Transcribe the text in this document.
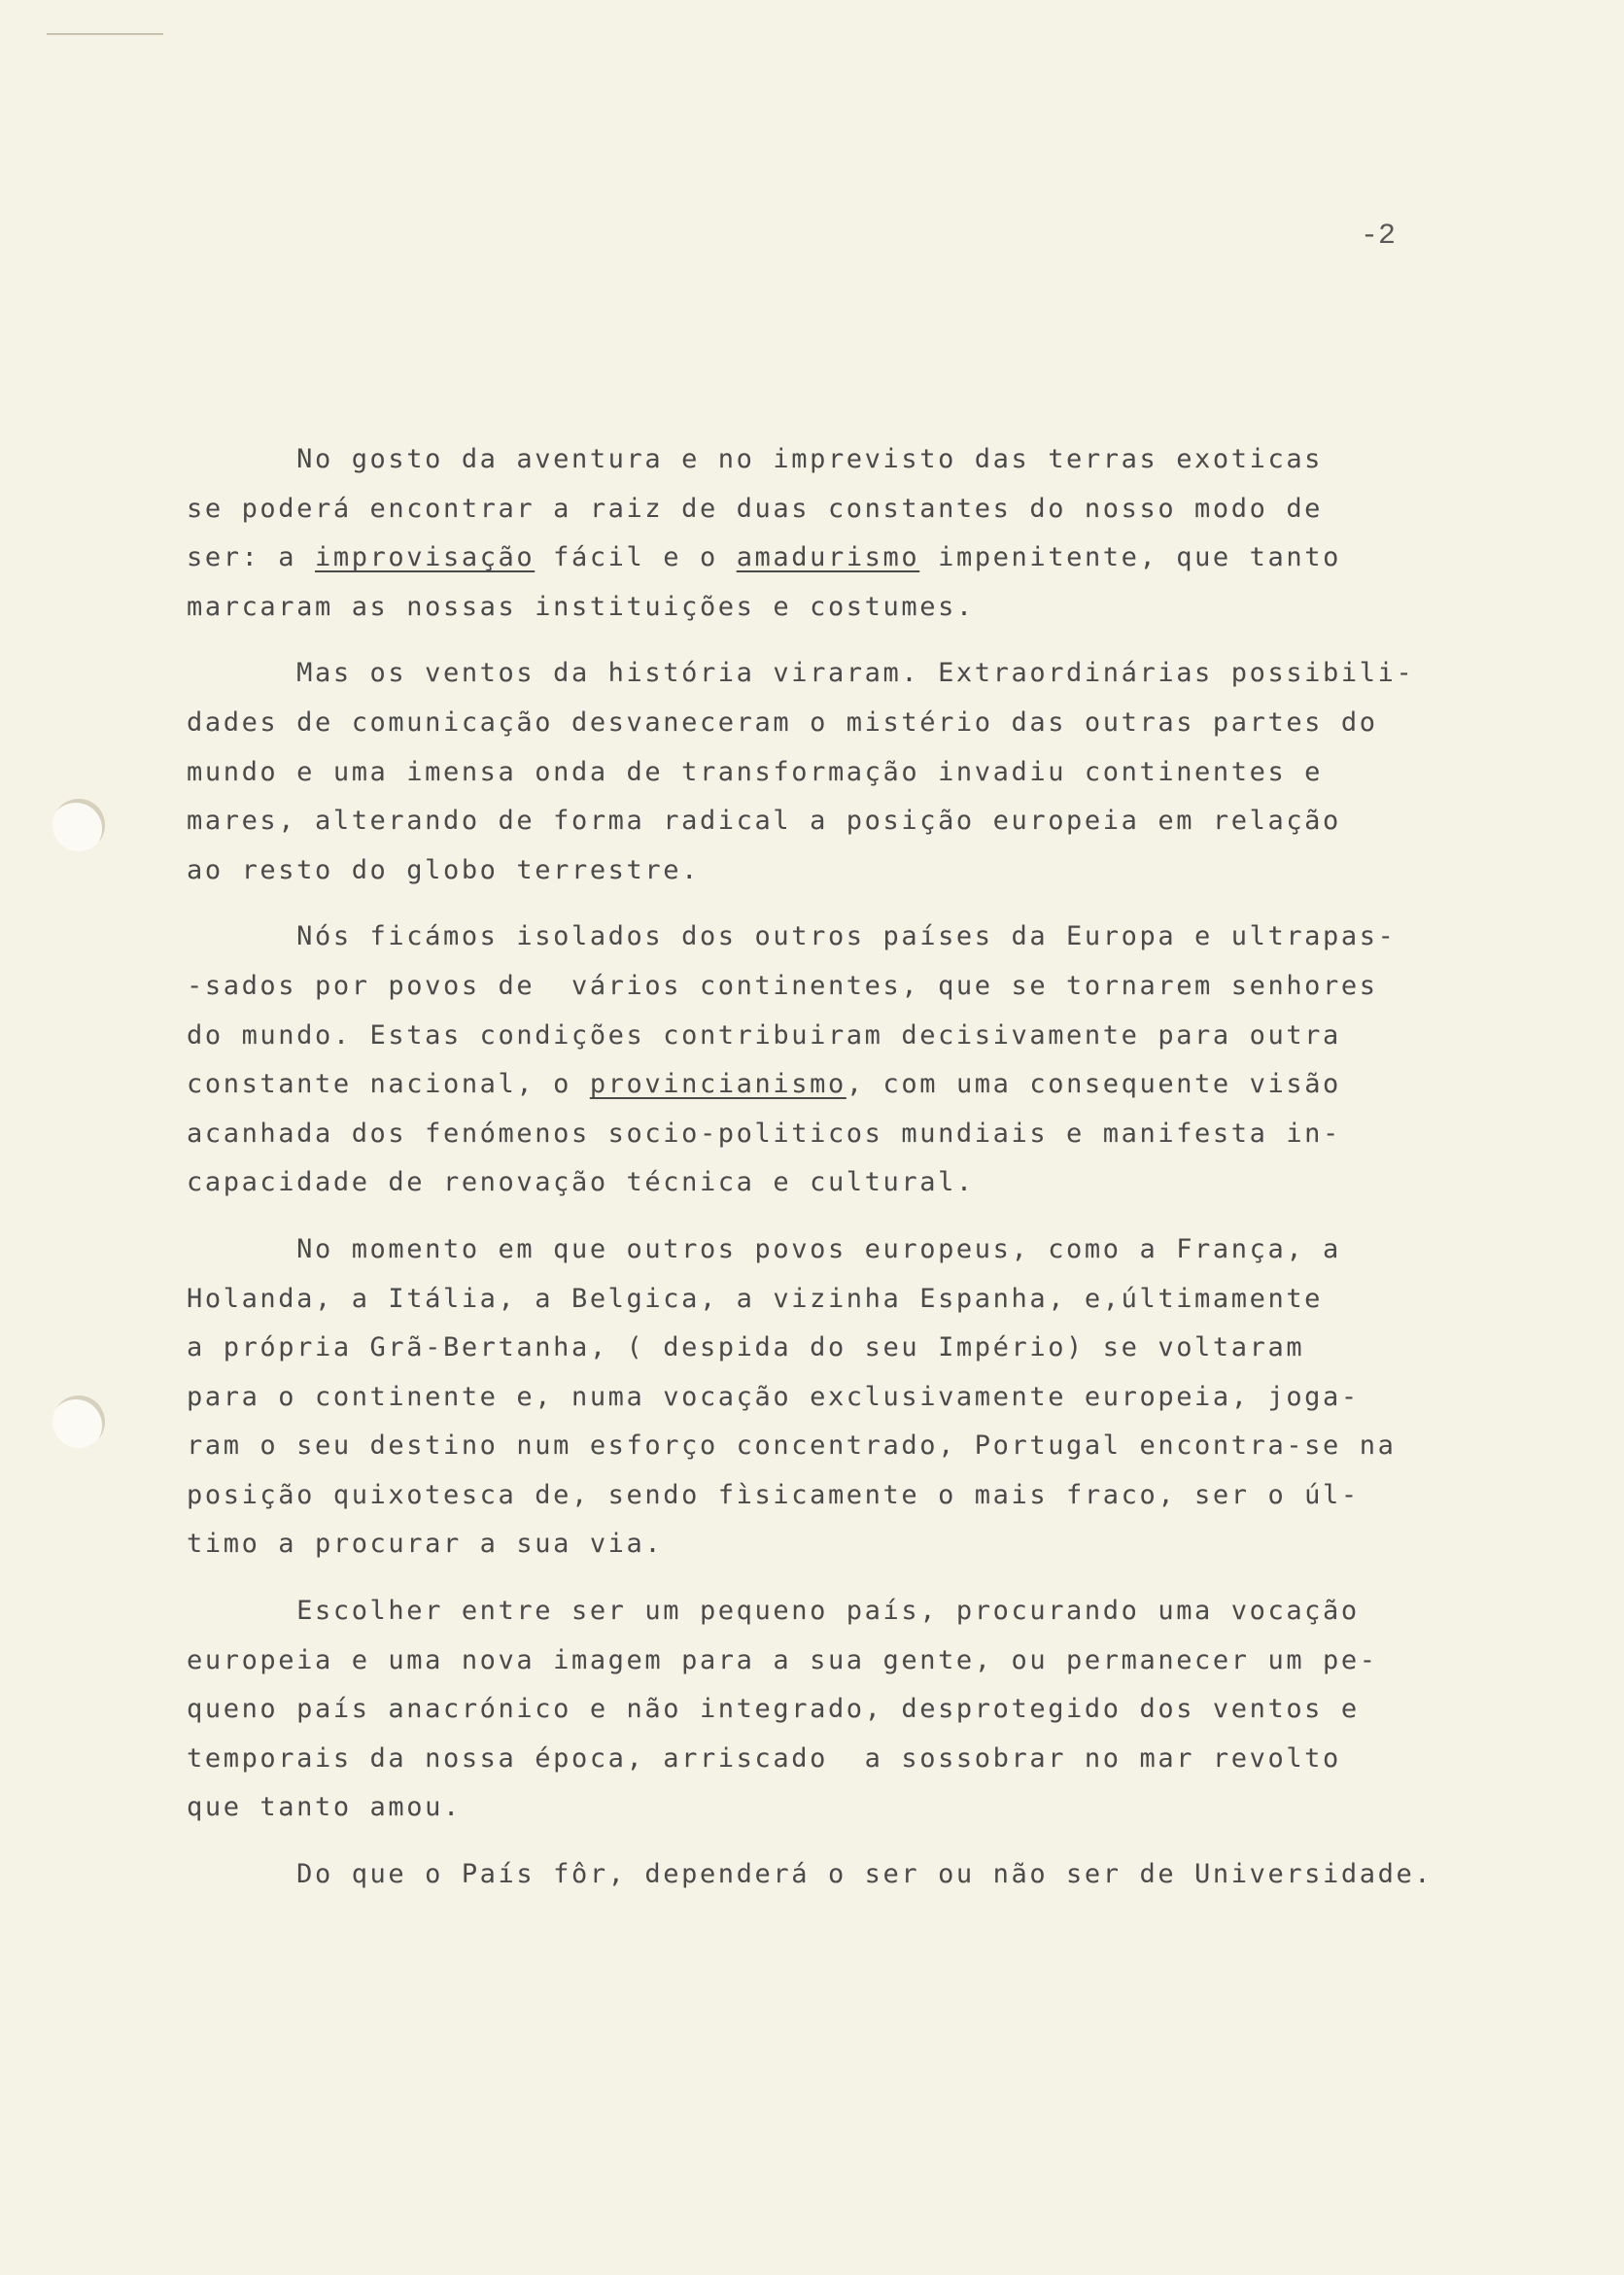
-2
No gosto da aventura e no imprevisto das terras exoticas
se poderá encontrar a raiz de duas constantes do nosso modo de
ser: a improvisação fácil e o amadurismo impenitente, que tanto
marcaram as nossas instituições e costumes.
Mas os ventos da história viraram. Extraordinárias possibili-
dades de comunicação desvaneceram o mistério das outras partes do
mundo e uma imensa onda de transformação invadiu continentes e
mares, alterando de forma radical a posição europeia em relação
ao resto do globo terrestre.
Nós ficámos isolados dos outros países da Europa e ultrapas-
-sados por povos de  vários continentes, que se tornarem senhores
do mundo. Estas condições contribuiram decisivamente para outra
constante nacional, o provincianismo, com uma consequente visão
acanhada dos fenómenos socio-politicos mundiais e manifesta in-
capacidade de renovação técnica e cultural.
No momento em que outros povos europeus, como a França, a
Holanda, a Itália, a Belgica, a vizinha Espanha, e,últimamente
a própria Grã-Bertanha, ( despida do seu Império) se voltaram
para o continente e, numa vocação exclusivamente europeia, joga-
ram o seu destino num esforço concentrado, Portugal encontra-se na
posição quixotesca de, sendo fìsicamente o mais fraco, ser o úl-
timo a procurar a sua via.
Escolher entre ser um pequeno país, procurando uma vocação
europeia e uma nova imagem para a sua gente, ou permanecer um pe-
queno país anacrónico e não integrado, desprotegido dos ventos e
temporais da nossa época, arriscado  a sossobrar no mar revolto
que tanto amou.
Do que o País fôr, dependerá o ser ou não ser de Universidade.
